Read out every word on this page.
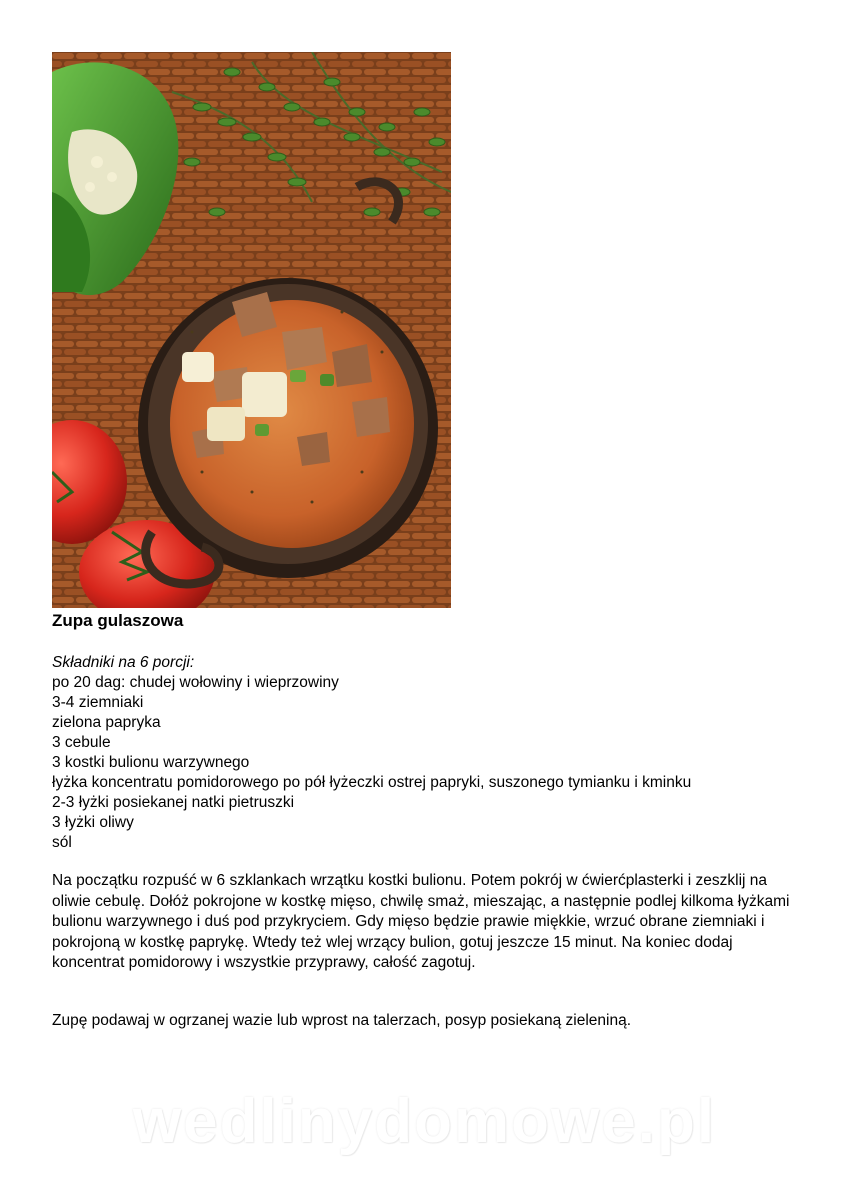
Zupa gulaszowa
Składniki na 6 porcji:
po 20 dag: chudej wołowiny i wieprzowiny
3-4 ziemniaki
zielona papryka
3 cebule
3 kostki bulionu warzywnego
łyżka koncentratu pomidorowego po pół łyżeczki ostrej papryki, suszonego tymianku i kminku
2-3 łyżki posiekanej natki pietruszki
3 łyżki oliwy
sól

Na początku rozpuść w 6 szklankach wrzątku kostki bulionu. Potem pokrój w ćwierćplasterki i zeszklij na oliwie cebulę. Dołóż pokrojone w kostkę mięso, chwilę smaż, mieszając, a następnie podlej kilkoma łyżkami bulionu warzywnego i duś pod przykryciem. Gdy mięso będzie prawie miękkie, wrzuć obrane ziemniaki i pokrojoną w kostkę paprykę. Wtedy też wlej wrzący bulion, gotuj jeszcze 15 minut. Na koniec dodaj koncentrat pomidorowy i wszystkie przyprawy, całość zagotuj.

Zupę podawaj w ogrzanej wazie lub wprost na talerzach, posyp posiekaną zieleniną.

wedlinydomowe.pl
